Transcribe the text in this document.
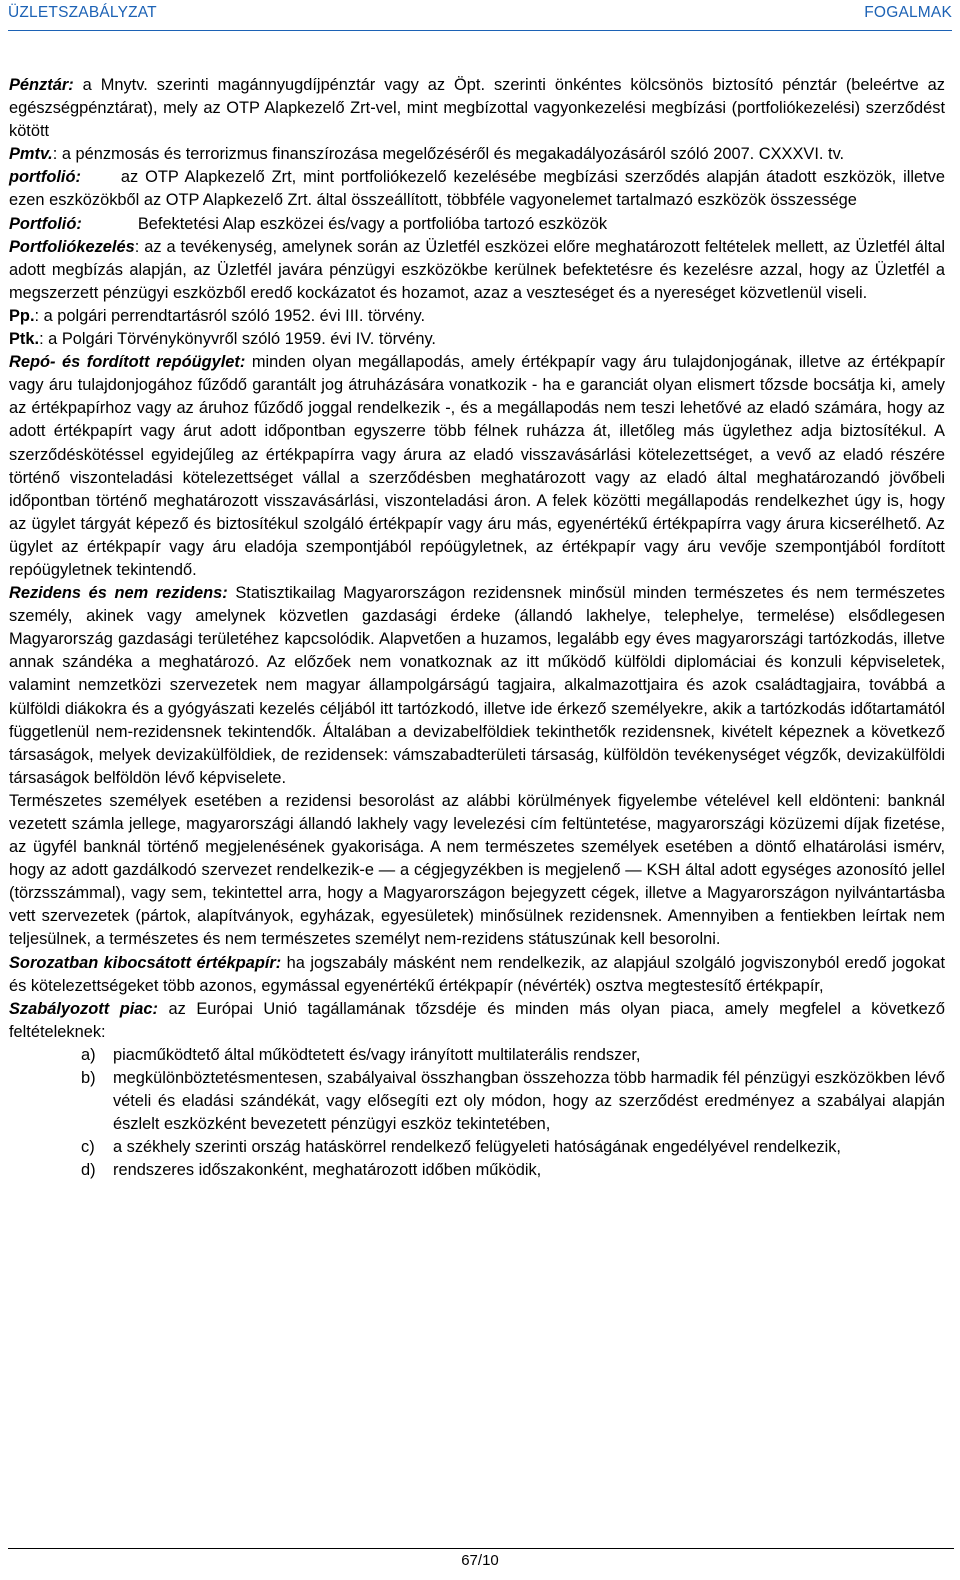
ÜZLETSZABÁLYZAT	FOGALMAK

Pénztár: a Mnytv. szerinti magánnyugdíjpénztár vagy az Öpt. szerinti önkéntes kölcsönös biztosító pénztár (beleértve az egészségpénztárat), mely az OTP Alapkezelő Zrt-vel, mint megbízottal vagyonkezelési megbízási (portfoliókezelési) szerződést kötött

Pmtv.: a pénzmosás és terrorizmus finanszírozása megelőzéséről és megakadályozásáról szóló 2007. CXXXVI. tv.

portfolió: az OTP Alapkezelő Zrt, mint portfoliókezelő kezelésébe megbízási szerződés alapján átadott eszközök, illetve ezen eszközökből az OTP Alapkezelő Zrt. által összeállított, többféle vagyonelemet tartalmazó eszközök összessége

Portfolió:	Befektetési Alap eszközei és/vagy a portfolióba tartozó eszközök

Portfoliókezelés: az a tevékenység, amelynek során az Üzletfél eszközei előre meghatározott feltételek mellett, az Üzletfél által adott megbízás alapján, az Üzletfél javára pénzügyi eszközökbe kerülnek befektetésre és kezelésre azzal, hogy az Üzletfél a megszerzett pénzügyi eszközből eredő kockázatot és hozamot, azaz a veszteséget és a nyereséget közvetlenül viseli.

Pp.: a polgári perrendtartásról szóló 1952. évi III. törvény.

Ptk.: a Polgári Törvénykönyvről szóló 1959. évi IV. törvény.

Repó- és fordított repóügylet: minden olyan megállapodás, amely értékpapír vagy áru tulajdonjogának, illetve az értékpapír vagy áru tulajdonjogához fűződő garantált jog átruházására vonatkozik - ha e garanciát olyan elismert tőzsde bocsátja ki, amely az értékpapírhoz vagy az áruhoz fűződő joggal rendelkezik -, és a megállapodás nem teszi lehetővé az eladó számára, hogy az adott értékpapírt vagy árut adott időpontban egyszerre több félnek ruházza át, illetőleg más ügylethez adja biztosítékul. A szerződéskötéssel egyidejűleg az értékpapírra vagy árura az eladó visszavásárlási kötelezettséget, a vevő az eladó részére történő viszonteladási kötelezettséget vállal a szerződésben meghatározott vagy az eladó által meghatározandó jövőbeli időpontban történő meghatározott visszavásárlási, viszonteladási áron. A felek közötti megállapodás rendelkezhet úgy is, hogy az ügylet tárgyát képező és biztosítékul szolgáló értékpapír vagy áru más, egyenértékű értékpapírra vagy árura kicserélhető. Az ügylet az értékpapír vagy áru eladója szempontjából repóügyletnek, az értékpapír vagy áru vevője szempontjából fordított repóügyletnek tekintendő.

Rezidens és nem rezidens: Statisztikailag Magyarországon rezidensnek minősül minden természetes és nem természetes személy, akinek vagy amelynek közvetlen gazdasági érdeke (állandó lakhelye, telephelye, termelése) elsődlegesen Magyarország gazdasági területéhez kapcsolódik. Alapvetően a huzamos, legalább egy éves magyarországi tartózkodás, illetve annak szándéka a meghatározó. Az előzőek nem vonatkoznak az itt működő külföldi diplomáciai és konzuli képviseletek, valamint nemzetközi szervezetek nem magyar állampolgárságú tagjaira, alkalmazottjaira és azok családtagjaira, továbbá a külföldi diákokra és a gyógyászati kezelés céljából itt tartózkodó, illetve ide érkező személyekre, akik a tartózkodás időtartamától függetlenül nem-rezidensnek tekintendők. Általában a devizabelföldiek tekinthetők rezidensnek, kivételt képeznek a következő társaságok, melyek devizakülföldiek, de rezidensek: vámszabadterületi társaság, külföldön tevékenységet végzők, devizakülföldi társaságok belföldön lévő képviselete.

Természetes személyek esetében a rezidensi besorolást az alábbi körülmények figyelembe vételével kell eldönteni: banknál vezetett számla jellege, magyarországi állandó lakhely vagy levelezési cím feltüntetése, magyarországi közüzemi díjak fizetése, az ügyfél banknál történő megjelenésének gyakorisága. A nem természetes személyek esetében a döntő elhatárolási ismérv, hogy az adott gazdálkodó szervezet rendelkezik-e — a cégjegyzékben is megjelenő — KSH által adott egységes azonosító jellel (törzsszámmal), vagy sem, tekintettel arra, hogy a Magyarországon bejegyzett cégek, illetve a Magyarországon nyilvántartásba vett szervezetek (pártok, alapítványok, egyházak, egyesületek) minősülnek rezidensnek. Amennyiben a fentiekben leírtak nem teljesülnek, a természetes és nem természetes személyt nem-rezidens státuszúnak kell besorolni.

Sorozatban kibocsátott értékpapír: ha jogszabály másként nem rendelkezik, az alapjául szolgáló jogviszonyból eredő jogokat és kötelezettségeket több azonos, egymással egyenértékű értékpapír (névérték) osztva megtestesítő értékpapír,

Szabályozott piac: az Európai Unió tagállamának tőzsdéje és minden más olyan piaca, amely megfelel a következő feltételeknek:

a) piacműködtető által működtetett és/vagy irányított multilaterális rendszer,
b) megkülönböztetésmentesen, szabályaival összhangban összehozza több harmadik fél pénzügyi eszközökben lévő vételi és eladási szándékát, vagy elősegíti ezt oly módon, hogy az szerződést eredményez a szabályai alapján észlelt eszközként bevezetett pénzügyi eszköz tekintetében,
c) a székhely szerinti ország hatáskörrel rendelkező felügyeleti hatóságának engedélyével rendelkezik,
d) rendszeres időszakonként, meghatározott időben működik,
67/10
